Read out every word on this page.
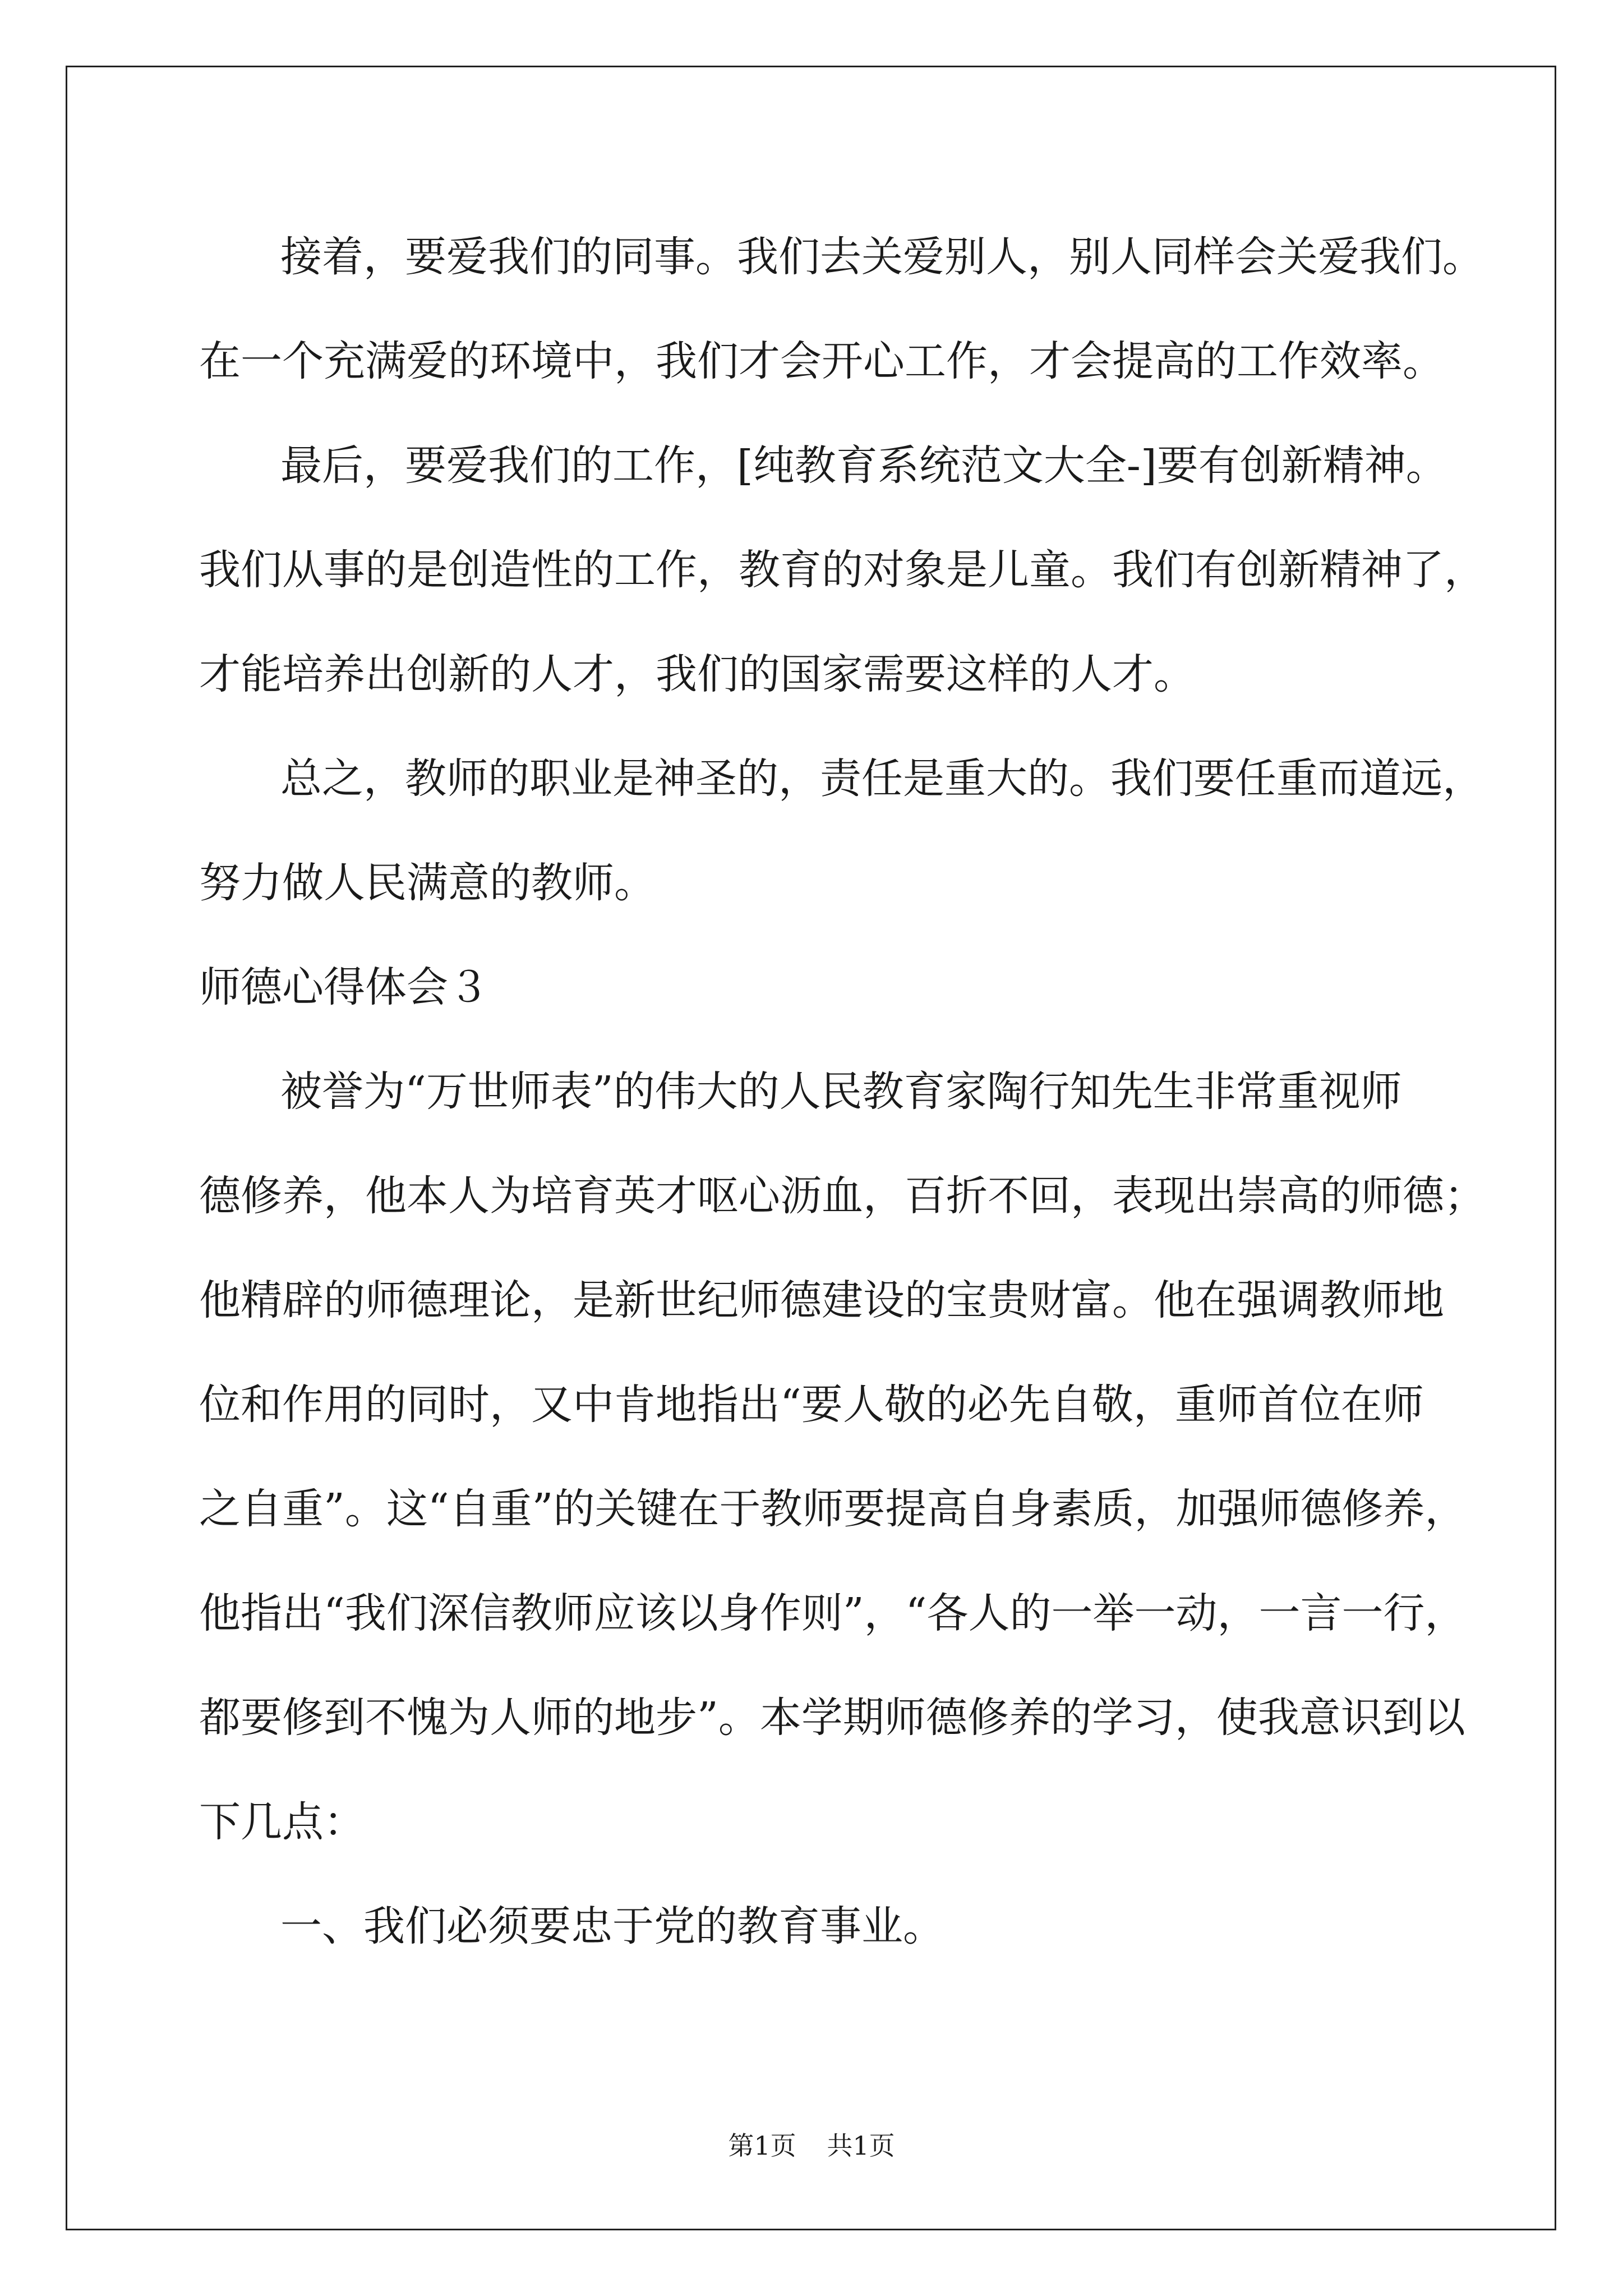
接着，要爱我们的同事。我们去关爱别人，别人同样会关爱我们。
在一个充满爱的环境中，我们才会开心工作，才会提高的工作效率。
最后，要爱我们的工作，[纯教育系统范文大全-]要有创新精神。
我们从事的是创造性的工作，教育的对象是儿童。我们有创新精神了，
才能培养出创新的人才，我们的国家需要这样的人才。
总之，教师的职业是神圣的，责任是重大的。我们要任重而道远，
努力做人民满意的教师。
师德心得体会３
被誉为“万世师表”的伟大的人民教育家陶行知先生非常重视师
德修养，他本人为培育英才呕心沥血，百折不回，表现出崇高的师德；
他精辟的师德理论，是新世纪师德建设的宝贵财富。他在强调教师地
位和作用的同时，又中肯地指出“要人敬的必先自敬，重师首位在师
之自重”。这“自重”的关键在于教师要提高自身素质，加强师德修养，
他指出“我们深信教师应该以身作则”，“各人的一举一动，一言一行，
都要修到不愧为人师的地步”。本学期师德修养的学习，使我意识到以
下几点：
一、我们必须要忠于党的教育事业。
第1页 共1页
